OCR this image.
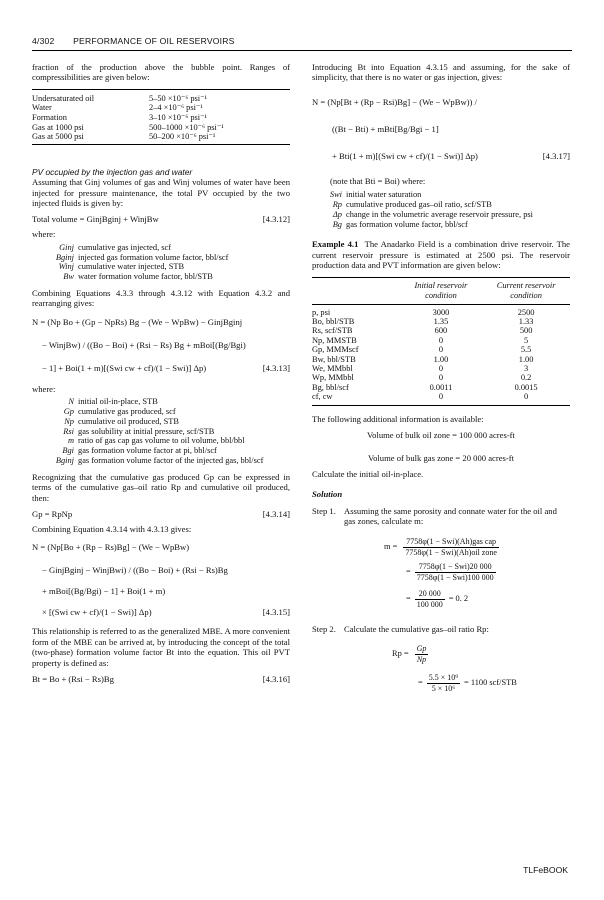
4/302 PERFORMANCE OF OIL RESERVOIRS

fraction of the production above the bubble point. Ranges of compressibilities are given below:

Undersaturated oil	5–50 ×10⁻⁶ psi⁻¹
Water	2–4 ×10⁻⁶ psi⁻¹
Formation	3–10 ×10⁻⁶ psi⁻¹
Gas at 1000 psi	500–1000 ×10⁻⁶ psi⁻¹
Gas at 5000 psi	50–200 ×10⁻⁶ psi⁻¹
PV occupied by the injection gas and water

Assuming that Ginj volumes of gas and Winj volumes of water have been injected for pressure maintenance, the total PV occupied by the two injected fluids is given by:

Total volume = GinjBginj + WinjBw	[4.3.12]
where:
Ginj cumulative gas injected, scf
Bginj injected gas formation volume factor, bbl/scf
Winj cumulative water injected, STB
Bw water formation volume factor, bbl/STB

Combining Equations 4.3.3 through 4.3.12 with Equation 4.3.2 and rearranging gives:

N = (Np Bo + (Gp − NpRs) Bg − (We − WpBw) − GinjBginj
− WinjBw) / ((Bo − Boi) + (Rsi − Rs) Bg + mBoi[(Bg/Bgi)
− 1] + Boi(1 + m)[(Swi cw + cf)/(1 − Swi)] Δp)	[4.3.13]
where:
N initial oil-in-place, STB
Gp cumulative gas produced, scf
Np cumulative oil produced, STB
Rsi gas solubility at initial pressure, scf/STB
m ratio of gas cap gas volume to oil volume, bbl/bbl
Bgi gas formation volume factor at pi, bbl/scf
Bginj gas formation volume factor of the injected gas, bbl/scf

Recognizing that the cumulative gas produced Gp can be expressed in terms of the cumulative gas–oil ratio Rp and cumulative oil produced, then:

Gp = RpNp	[4.3.14]

Combining Equation 4.3.14 with 4.3.13 gives:

N = (Np[Bo + (Rp − Rs)Bg] − (We − WpBw)
− GinjBginj − WinjBwi) / ((Bo − Boi) + (Rsi − Rs)Bg
+ mBoi[(Bg/Bgi) − 1] + Boi(1 + m)
× [(Swi cw + cf)/(1 − Swi)] Δp)	[4.3.15]

This relationship is referred to as the generalized MBE. A more convenient form of the MBE can be arrived at, by introducing the concept of the total (two-phase) formation volume factor Bt into the equation. This oil PVT property is defined as:

Bt = Bo + (Rsi − Rs)Bg	[4.3.16]

Introducing Bt into Equation 4.3.15 and assuming, for the sake of simplicity, that there is no water or gas injection, gives:

N = (Np[Bt + (Rp − Rsi)Bg] − (We − WpBw)) /
((Bt − Bti) + mBti[Bg/Bgi − 1]
+ Bti(1 + m)[(Swi cw + cf)/(1 − Swi)] Δp)	[4.3.17]
(note that Bti = Boi) where:
Swi initial water saturation
Rp cumulative produced gas–oil ratio, scf/STB
Δp change in the volumetric average reservoir pressure, psi
Bg gas formation volume factor, bbl/scf

Example 4.1 The Anadarko Field is a combination drive reservoir. The current reservoir pressure is estimated at 2500 psi. The reservoir production data and PVT information are given below:

	Initial reservoir condition	Current reservoir condition
p, psi	3000	2500
Bo, bbl/STB	1.35	1.33
Rs, scf/STB	600	500
Np, MMSTB	0	5
Gp, MMMscf	0	5.5
Bw, bbl/STB	1.00	1.00
We, MMbbl	0	3
Wp, MMbbl	0	0.2
Bg, bbl/scf	0.0011	0.0015
cf, cw	0	0

The following additional information is available:

Volume of bulk oil zone = 100 000 acres-ft
Volume of bulk gas zone = 20 000 acres-ft

Calculate the initial oil-in-place.

Solution
Step 1. Assuming the same porosity and connate water for the oil and gas zones, calculate m:
$m = \frac{\text{7758φ(1 − Swi)(Ah)gas cap}}{\text{7758φ(1 − Swi)(Ah)oil zone}}$
= $\frac{\text{7758φ(1 − Swi)20 000}}{\text{7758φ(1 − Swi)100 000}}$
= $\frac{20 000}{100 000} = 0$. 2
Step 2. Calculate the cumulative gas–oil ratio Rp:
$Rp = \frac{Gp}{Np}$
= $\frac{\text{5.5 × 10⁹}}{\text{5 × 10⁶}} = 1100$ scf/STB
TLFeBOOK
